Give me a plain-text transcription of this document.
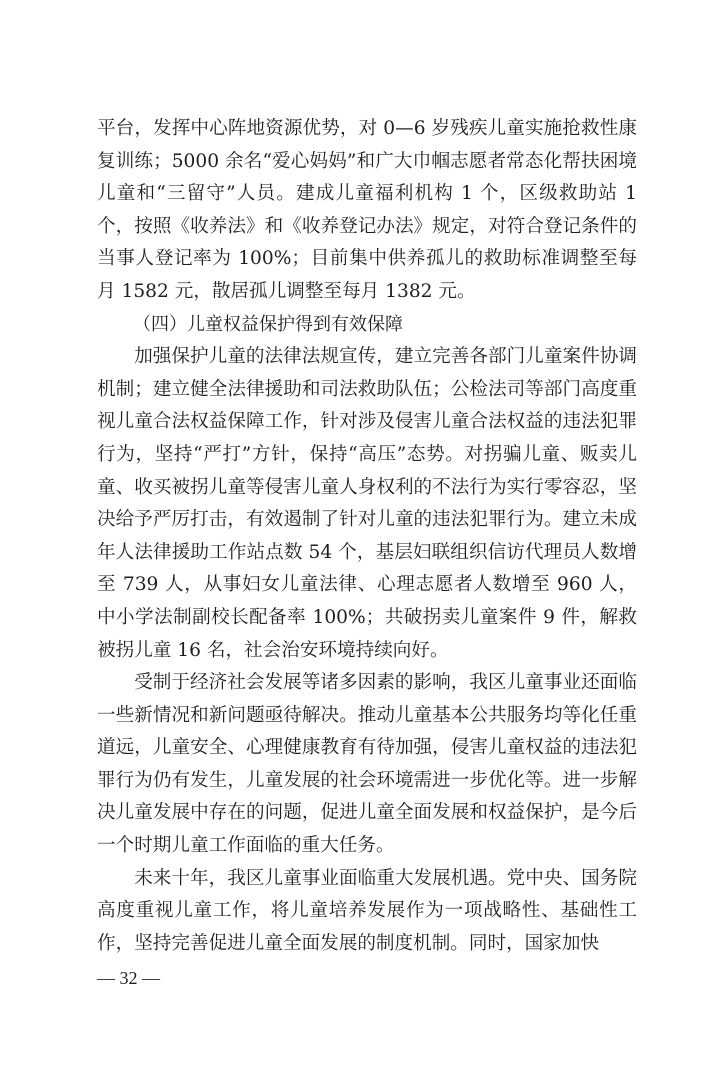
平台，发挥中心阵地资源优势，对 0—6 岁残疾儿童实施抢救性康复训练；5000 余名“爱心妈妈”和广大巾帼志愿者常态化帮扶困境儿童和“三留守”人员。建成儿童福利机构 1 个，区级救助站 1 个，按照《收养法》和《收养登记办法》规定，对符合登记条件的当事人登记率为 100%；目前集中供养孤儿的救助标准调整至每月 1582 元，散居孤儿调整至每月 1382 元。

（四）儿童权益保护得到有效保障

加强保护儿童的法律法规宣传，建立完善各部门儿童案件协调机制；建立健全法律援助和司法救助队伍；公检法司等部门高度重视儿童合法权益保障工作，针对涉及侵害儿童合法权益的违法犯罪行为，坚持“严打”方针，保持“高压”态势。对拐骗儿童、贩卖儿童、收买被拐儿童等侵害儿童人身权利的不法行为实行零容忍，坚决给予严厉打击，有效遏制了针对儿童的违法犯罪行为。建立未成年人法律援助工作站点数 54 个，基层妇联组织信访代理员人数增至 739 人，从事妇女儿童法律、心理志愿者人数增至 960 人，中小学法制副校长配备率 100%；共破拐卖儿童案件 9 件，解救被拐儿童 16 名，社会治安环境持续向好。

受制于经济社会发展等诸多因素的影响，我区儿童事业还面临一些新情况和新问题亟待解决。推动儿童基本公共服务均等化任重道远，儿童安全、心理健康教育有待加强，侵害儿童权益的违法犯罪行为仍有发生，儿童发展的社会环境需进一步优化等。进一步解决儿童发展中存在的问题，促进儿童全面发展和权益保护，是今后一个时期儿童工作面临的重大任务。

未来十年，我区儿童事业面临重大发展机遇。党中央、国务院高度重视儿童工作，将儿童培养发展作为一项战略性、基础性工作，坚持完善促进儿童全面发展的制度机制。同时，国家加快

— 32 —
